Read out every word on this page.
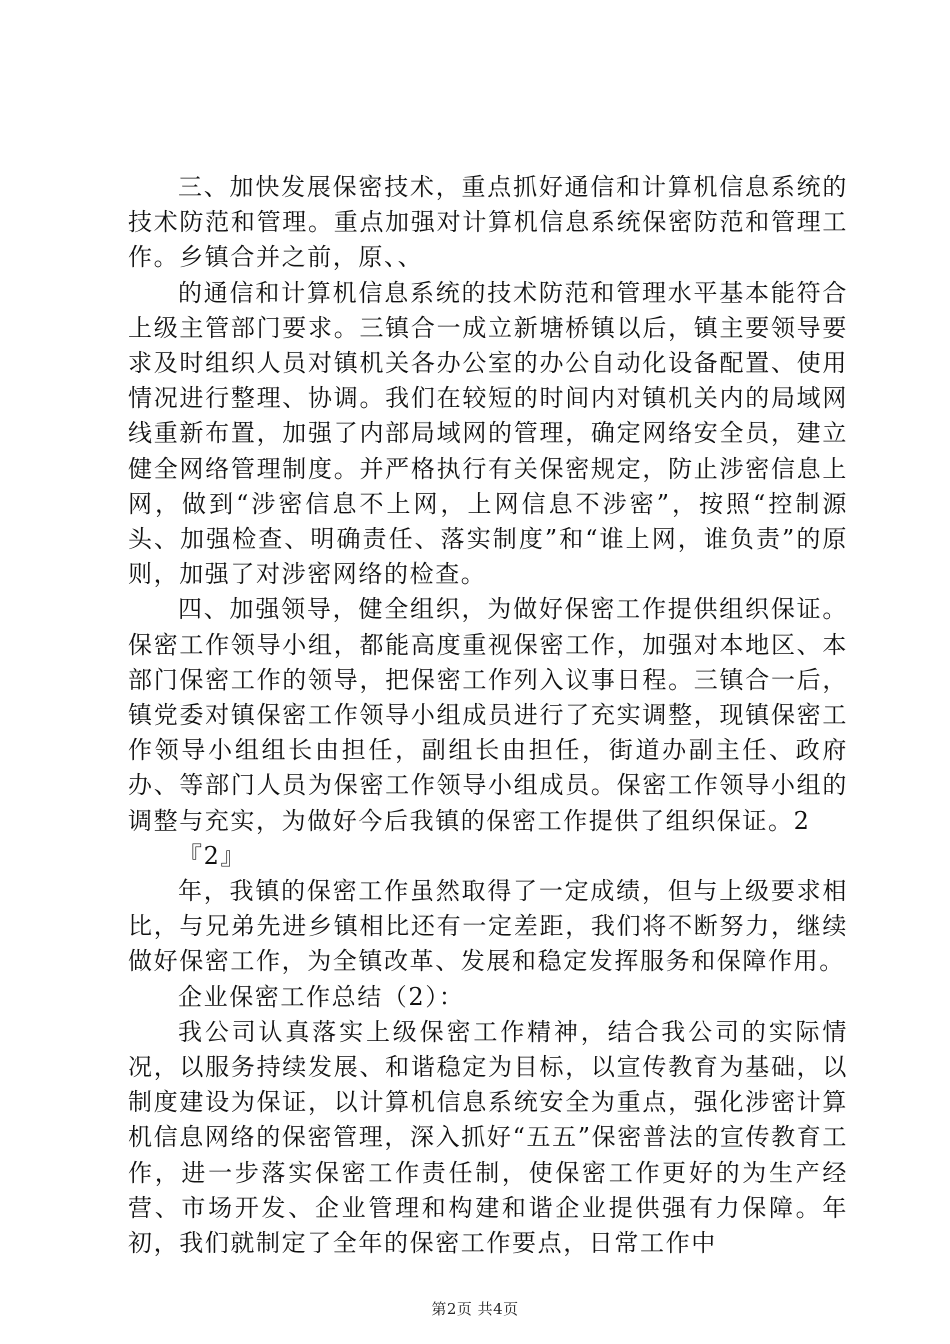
三、加快发展保密技术，重点抓好通信和计算机信息系统的技术防范和管理。重点加强对计算机信息系统保密防范和管理工作。乡镇合并之前，原、、

的通信和计算机信息系统的技术防范和管理水平基本能符合上级主管部门要求。三镇合一成立新塘桥镇以后，镇主要领导要求及时组织人员对镇机关各办公室的办公自动化设备配置、使用情况进行整理、协调。我们在较短的时间内对镇机关内的局域网线重新布置，加强了内部局域网的管理，确定网络安全员，建立健全网络管理制度。并严格执行有关保密规定，防止涉密信息上网，做到“涉密信息不上网，上网信息不涉密”，按照“控制源头、加强检查、明确责任、落实制度”和“谁上网，谁负责”的原则，加强了对涉密网络的检查。

四、加强领导，健全组织，为做好保密工作提供组织保证。保密工作领导小组，都能高度重视保密工作，加强对本地区、本部门保密工作的领导，把保密工作列入议事日程。三镇合一后，镇党委对镇保密工作领导小组成员进行了充实调整，现镇保密工作领导小组组长由担任，副组长由担任，街道办副主任、政府办、等部门人员为保密工作领导小组成员。保密工作领导小组的调整与充实，为做好今后我镇的保密工作提供了组织保证。2

『2』

年，我镇的保密工作虽然取得了一定成绩，但与上级要求相比，与兄弟先进乡镇相比还有一定差距，我们将不断努力，继续做好保密工作，为全镇改革、发展和稳定发挥服务和保障作用。

企业保密工作总结（2）：

我公司认真落实上级保密工作精神，结合我公司的实际情况，以服务持续发展、和谐稳定为目标，以宣传教育为基础，以制度建设为保证，以计算机信息系统安全为重点，强化涉密计算机信息网络的保密管理，深入抓好“五五”保密普法的宣传教育工作，进一步落实保密工作责任制，使保密工作更好的为生产经营、市场开发、企业管理和构建和谐企业提供强有力保障。年初，我们就制定了全年的保密工作要点，日常工作中

第2页 共4页
